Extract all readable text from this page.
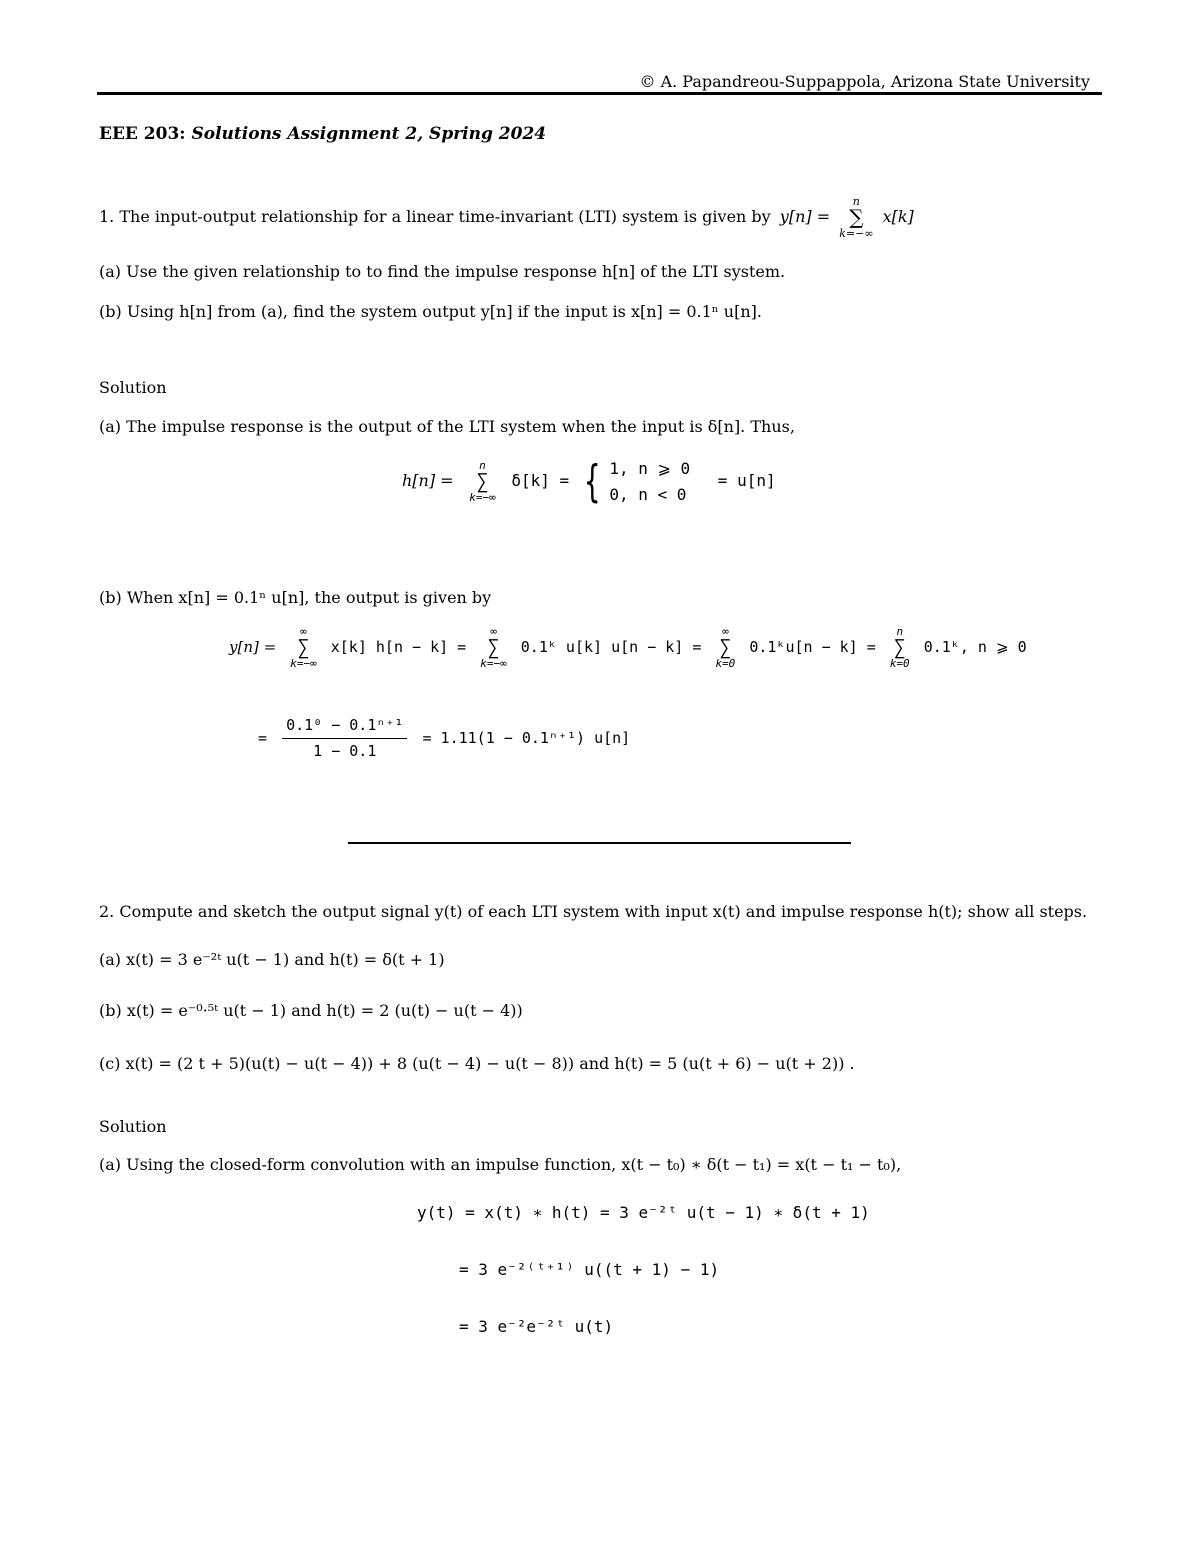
© A. Papandreou-Suppappola, Arizona State University
EEE 203: Solutions Assignment 2, Spring 2024
1. The input-output relationship for a linear time-invariant (LTI) system is given by y[n] =
n
∑
k=−∞
x[k]
(a) Use the given relationship to to find the impulse response h[n] of the LTI system.
(b) Using h[n] from (a), find the system output y[n] if the input is x[n] = 0.1ⁿ u[n].
Solution
(a) The impulse response is the output of the LTI system when the input is δ[n]. Thus,
h[n] =
n
∑
k=−∞
δ[k] = { 1, n ⩾ 0
0, n < 0
= u[n]
(b) When x[n] = 0.1ⁿ u[n], the output is given by
y[n] =
∞
∑
k=−∞
x[k] h[n − k] =
∞
∑
k=−∞
0.1ᵏ u[k] u[n − k] =
∞
∑
k=0
0.1ᵏu[n − k] =
n
∑
k=0
0.1ᵏ, n ⩾ 0
= $\frac{\text{0.1⁰ − 0.1ⁿ⁺¹}}{1 - 0.1} = 1.11(1 - 0.1^{n+1})$ u[n]
2. Compute and sketch the output signal y(t) of each LTI system with input x(t) and impulse response h(t); show all steps.
(a) x(t) = 3 e⁻²ᵗ u(t − 1) and h(t) = δ(t + 1)
(b) x(t) = e⁻⁰·⁵ᵗ u(t − 1) and h(t) = 2 (u(t) − u(t − 4))
(c) x(t) = (2 t + 5)(u(t) − u(t − 4)) + 8 (u(t − 4) − u(t − 8)) and h(t) = 5 (u(t + 6) − u(t + 2)) .
Solution
(a) Using the closed-form convolution with an impulse function, x(t − t₀) ∗ δ(t − t₁) = x(t − t₁ − t₀),
y(t) = x(t) ∗ h(t) = 3 e⁻²ᵗ u(t − 1) ∗ δ(t + 1)
= 3 e⁻²⁽ᵗ⁺¹⁾ u((t + 1) − 1)
= 3 e⁻²e⁻²ᵗ u(t)
